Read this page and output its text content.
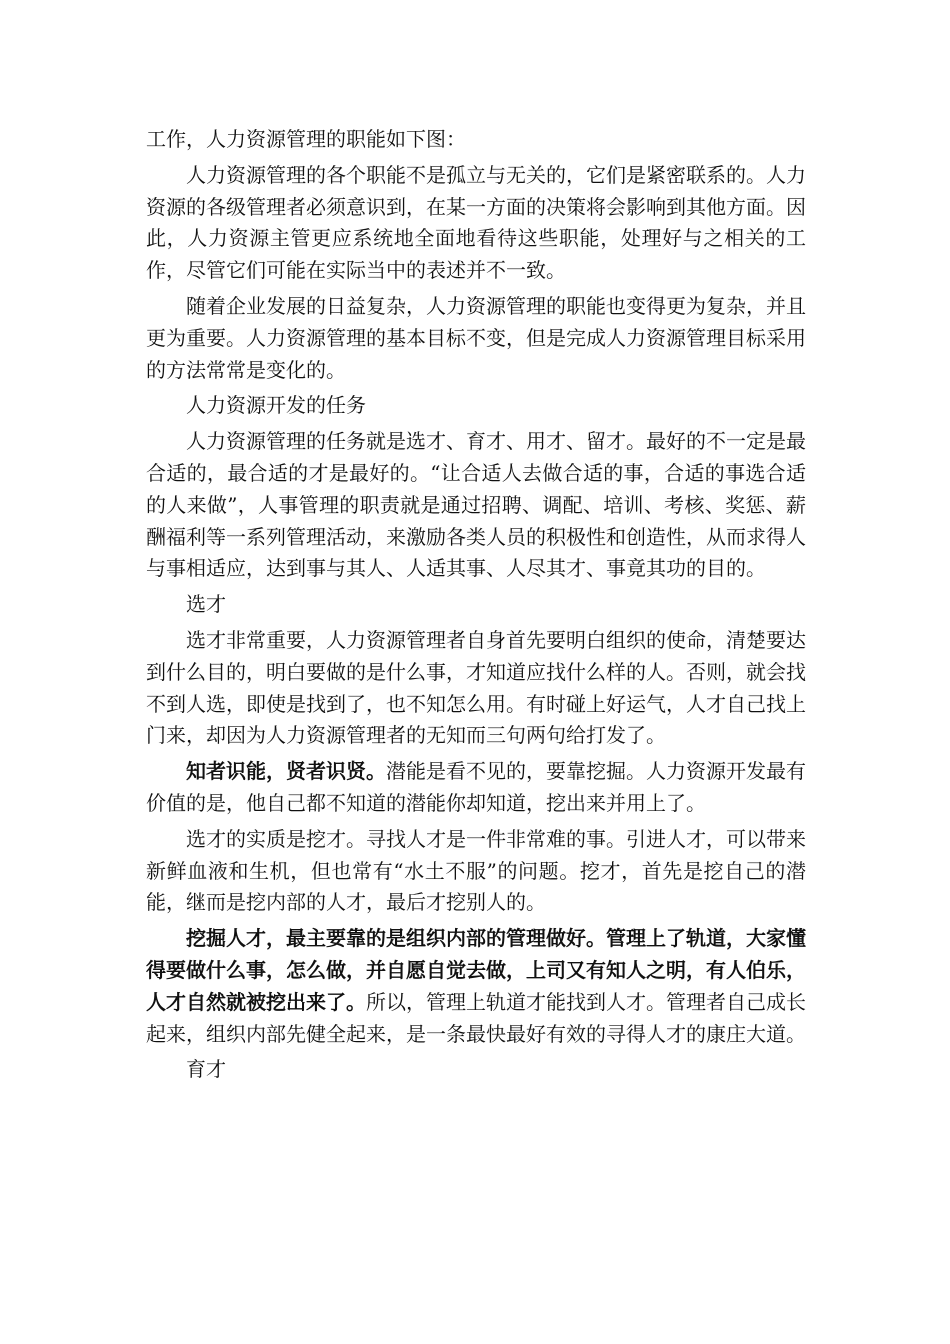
工作，人力资源管理的职能如下图：

人力资源管理的各个职能不是孤立与无关的，它们是紧密联系的。人力资源的各级管理者必须意识到，在某一方面的决策将会影响到其他方面。因此，人力资源主管更应系统地全面地看待这些职能，处理好与之相关的工作，尽管它们可能在实际当中的表述并不一致。

随着企业发展的日益复杂，人力资源管理的职能也变得更为复杂，并且更为重要。人力资源管理的基本目标不变，但是完成人力资源管理目标采用的方法常常是变化的。

人力资源开发的任务

人力资源管理的任务就是选才、育才、用才、留才。最好的不一定是最合适的，最合适的才是最好的。“让合适人去做合适的事，合适的事选合适的人来做”，人事管理的职责就是通过招聘、调配、培训、考核、奖惩、薪酬福利等一系列管理活动，来激励各类人员的积极性和创造性，从而求得人与事相适应，达到事与其人、人适其事、人尽其才、事竟其功的目的。

选才

选才非常重要，人力资源管理者自身首先要明白组织的使命，清楚要达到什么目的，明白要做的是什么事，才知道应找什么样的人。否则，就会找不到人选，即使是找到了，也不知怎么用。有时碰上好运气，人才自己找上门来，却因为人力资源管理者的无知而三句两句给打发了。

知者识能，贤者识贤。潜能是看不见的，要靠挖掘。人力资源开发最有价值的是，他自己都不知道的潜能你却知道，挖出来并用上了。

选才的实质是挖才。寻找人才是一件非常难的事。引进人才，可以带来新鲜血液和生机，但也常有“水土不服”的问题。挖才，首先是挖自己的潜能，继而是挖内部的人才，最后才挖别人的。

挖掘人才，最主要靠的是组织内部的管理做好。管理上了轨道，大家懂得要做什么事，怎么做，并自愿自觉去做，上司又有知人之明，有人伯乐，人才自然就被挖出来了。所以，管理上轨道才能找到人才。管理者自己成长起来，组织内部先健全起来，是一条最快最好有效的寻得人才的康庄大道。

育才
